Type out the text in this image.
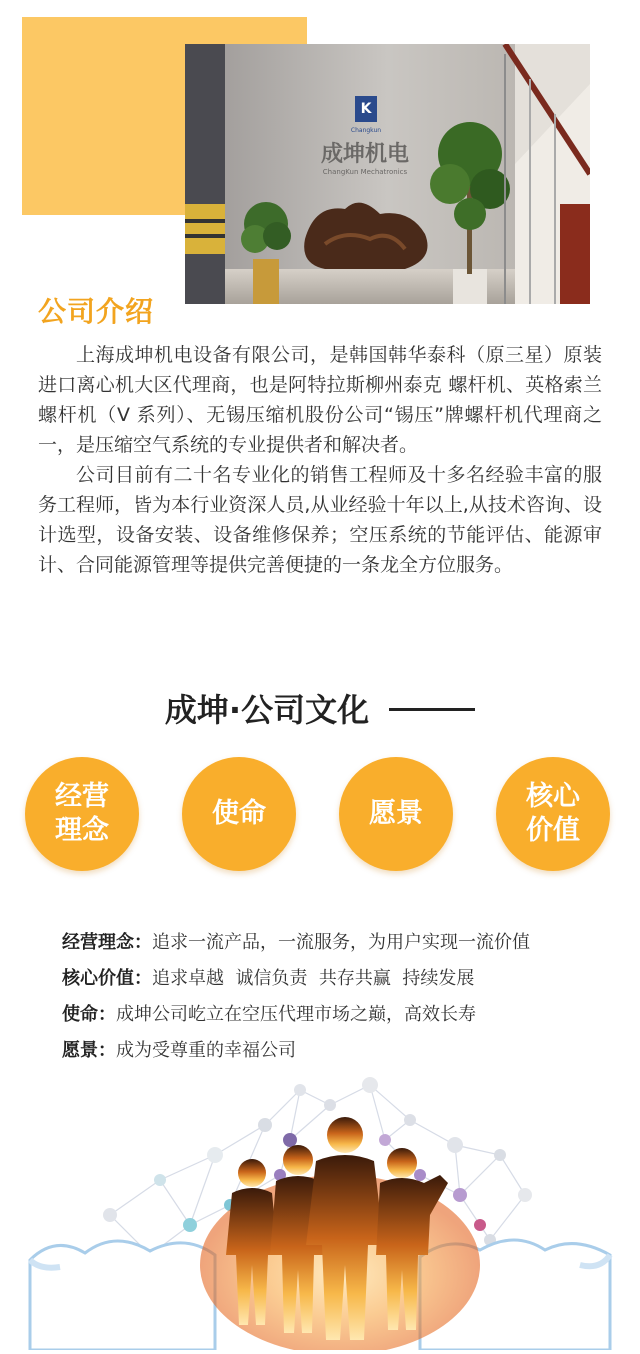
K
Changkun
成坤机电
ChangKun Mechatronics
公司介绍

上海成坤机电设备有限公司，是韩国韩华泰科（原三星）原装进口离心机大区代理商，也是阿特拉斯柳州泰克 螺杆机、英格索兰螺杆机（V 系列）、无锡压缩机股份公司“锡压”牌螺杆机代理商之一，是压缩空气系统的专业提供者和解决者。

公司目前有二十名专业化的销售工程师及十多名经验丰富的服务工程师，皆为本行业资深人员,从业经验十年以上,从技术咨询、设计选型，设备安装、设备维修保养；空压系统的节能评估、能源审计、合同能源管理等提供完善便捷的一条龙全方位服务。

成坤·公司文化
经营理念
使命	愿景
核心价值
经营理念：追求一流产品，一流服务，为用户实现一流价值
核心价值：追求卓越  诚信负责  共存共赢  持续发展
使命：成坤公司屹立在空压代理市场之巅，高效长寿
愿景：成为受尊重的幸福公司
